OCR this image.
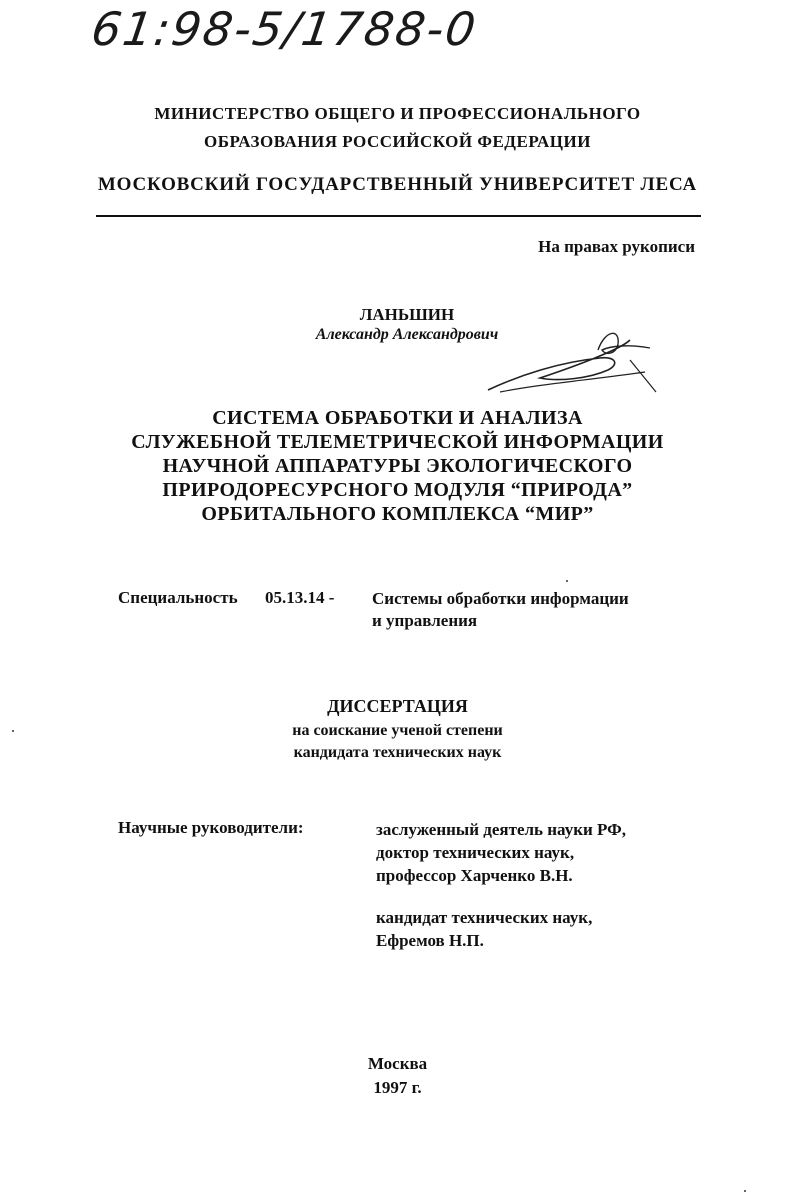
61:98-5/1788-0
МИНИСТЕРСТВО ОБЩЕГО И ПРОФЕССИОНАЛЬНОГО
ОБРАЗОВАНИЯ РОССИЙСКОЙ ФЕДЕРАЦИИ
МОСКОВСКИЙ ГОСУДАРСТВЕННЫЙ УНИВЕРСИТЕТ ЛЕСА
На правах рукописи
ЛАНЬШИН
Александр Александрович
СИСТЕМА ОБРАБОТКИ И АНАЛИЗА
СЛУЖЕБНОЙ ТЕЛЕМЕТРИЧЕСКОЙ ИНФОРМАЦИИ
НАУЧНОЙ АППАРАТУРЫ ЭКОЛОГИЧЕСКОГО
ПРИРОДОРЕСУРСНОГО МОДУЛЯ “ПРИРОДА”
ОРБИТАЛЬНОГО КОМПЛЕКСА “МИР”
Специальность 05.13.14 - Системы обработки информации
и управления
ДИССЕРТАЦИЯ
на соискание ученой степени
кандидата технических наук
Научные руководители:	заслуженный деятель науки РФ,
доктор технических наук,
профессор Харченко В.Н.
кандидат технических наук,
Ефремов Н.П.
Москва
1997 г.
